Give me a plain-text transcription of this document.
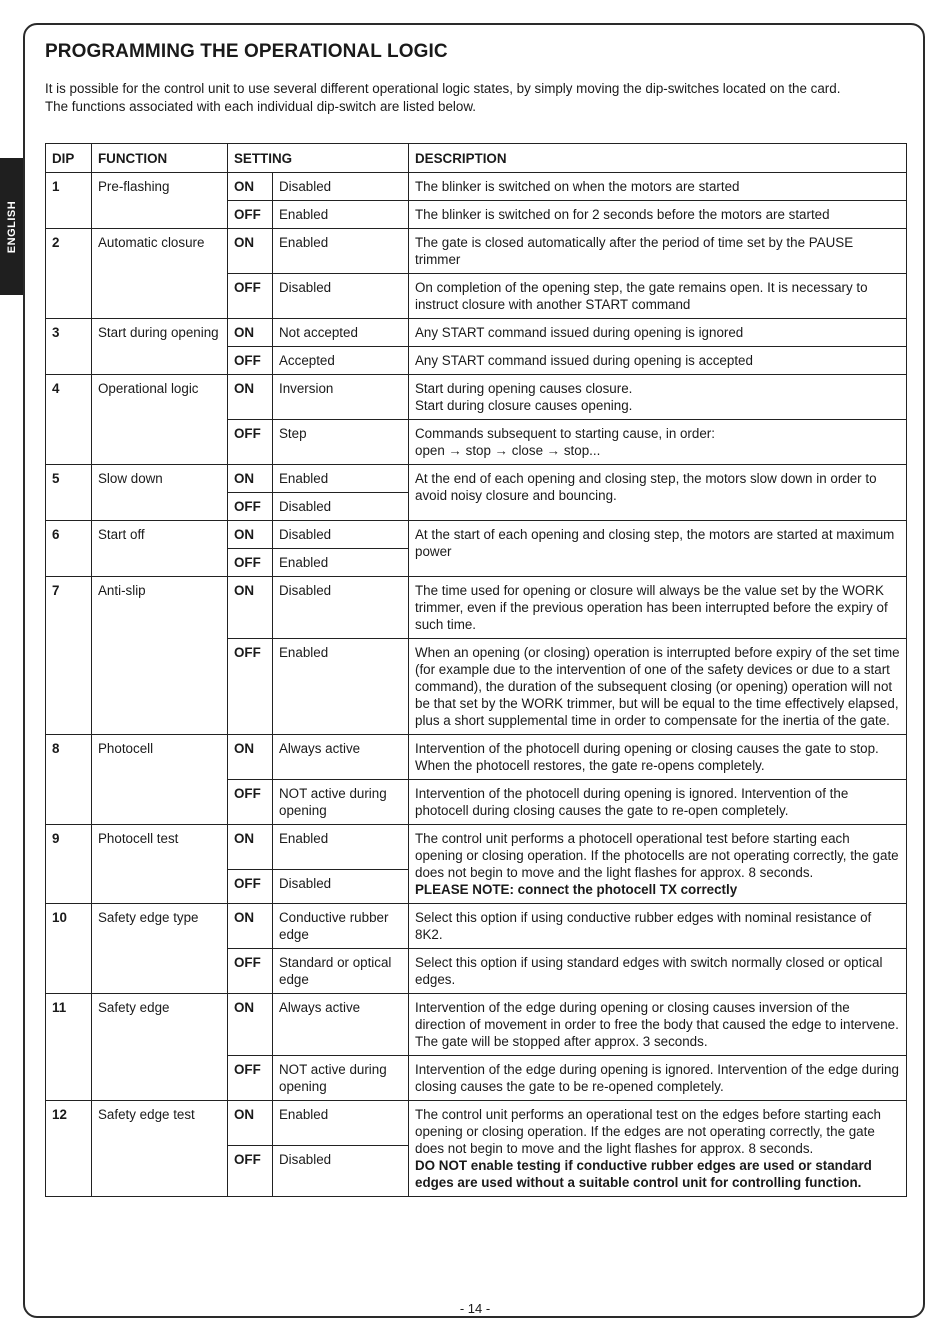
ENGLISH
PROGRAMMING THE OPERATIONAL LOGIC

It is possible for the control unit to use several different operational logic states, by simply moving the dip-switches located on the card.
The functions associated with each individual dip-switch are listed below.

DIP	FUNCTION	SETTING		DESCRIPTION
1	Pre-flashing	ON	Disabled	The blinker is switched on when the motors are started
		OFF	Enabled	The blinker is switched on for 2 seconds before the motors are started
2	Automatic closure	ON	Enabled	The gate is closed automatically after the period of time set by the PAUSE trimmer
		OFF	Disabled	On completion of the opening step, the gate remains open. It is necessary to instruct closure with another START command
3	Start during opening	ON	Not accepted	Any START command issued during opening is ignored
		OFF	Accepted	Any START command issued during opening is accepted
4	Operational logic	ON	Inversion	Start during opening causes closure.
Start during closure causes opening.
		OFF	Step	Commands subsequent to starting cause, in order:
open → stop → close → stop...
5	Slow down	ON	Enabled	At the end of each opening and closing step, the motors slow down in order to avoid noisy closure and bouncing.
		OFF	Disabled	
6	Start off	ON	Disabled	At the start of each opening and closing step, the motors are started at maximum power
		OFF	Enabled	
7	Anti-slip	ON	Disabled	The time used for opening or closure will always be the value set by the WORK trimmer, even if the previous operation has been interrupted before the expiry of such time.
		OFF	Enabled	When an opening (or closing) operation is interrupted before expiry of the set time (for example due to the intervention of one of the safety devices or due to a start command), the duration of the subsequent closing (or opening) operation will not be that set by the WORK trimmer, but will be equal to the time effectively elapsed, plus a short supplemental time in order to compensate for the inertia of the gate.
8	Photocell	ON	Always active	Intervention of the photocell during opening or closing causes the gate to stop. When the photocell restores, the gate re-opens completely.
		OFF	NOT active during opening	Intervention of the photocell during opening is ignored. Intervention of the photocell during closing causes the gate to re-open completely.
9	Photocell test	ON	Enabled	The control unit performs a photocell operational test before starting each opening or closing operation. If the photocells are not operating correctly, the gate does not begin to move and the light flashes for approx. 8 seconds.
PLEASE NOTE: connect the photocell TX correctly
		OFF	Disabled	
10	Safety edge type	ON	Conductive rubber edge	Select this option if using conductive rubber edges with nominal resistance of 8K2.
		OFF	Standard or optical edge	Select this option if using standard edges with switch normally closed or optical edges.
11	Safety edge	ON	Always active	Intervention of the edge during opening or closing causes inversion of the direction of movement in order to free the body that caused the edge to intervene. The gate will be stopped after approx. 3 seconds.
		OFF	NOT active during opening	Intervention of the edge during opening is ignored. Intervention of the edge during closing causes the gate to be re-opened completely.
12	Safety edge test	ON	Enabled	The control unit performs an operational test on the edges before starting each opening or closing operation. If the edges are not operating correctly, the gate does not begin to move and the light flashes for approx. 8 seconds.
DO NOT enable testing if conductive rubber edges are used or standard edges are used without a suitable control unit for controlling function.
		OFF	Disabled	
- 14 -
